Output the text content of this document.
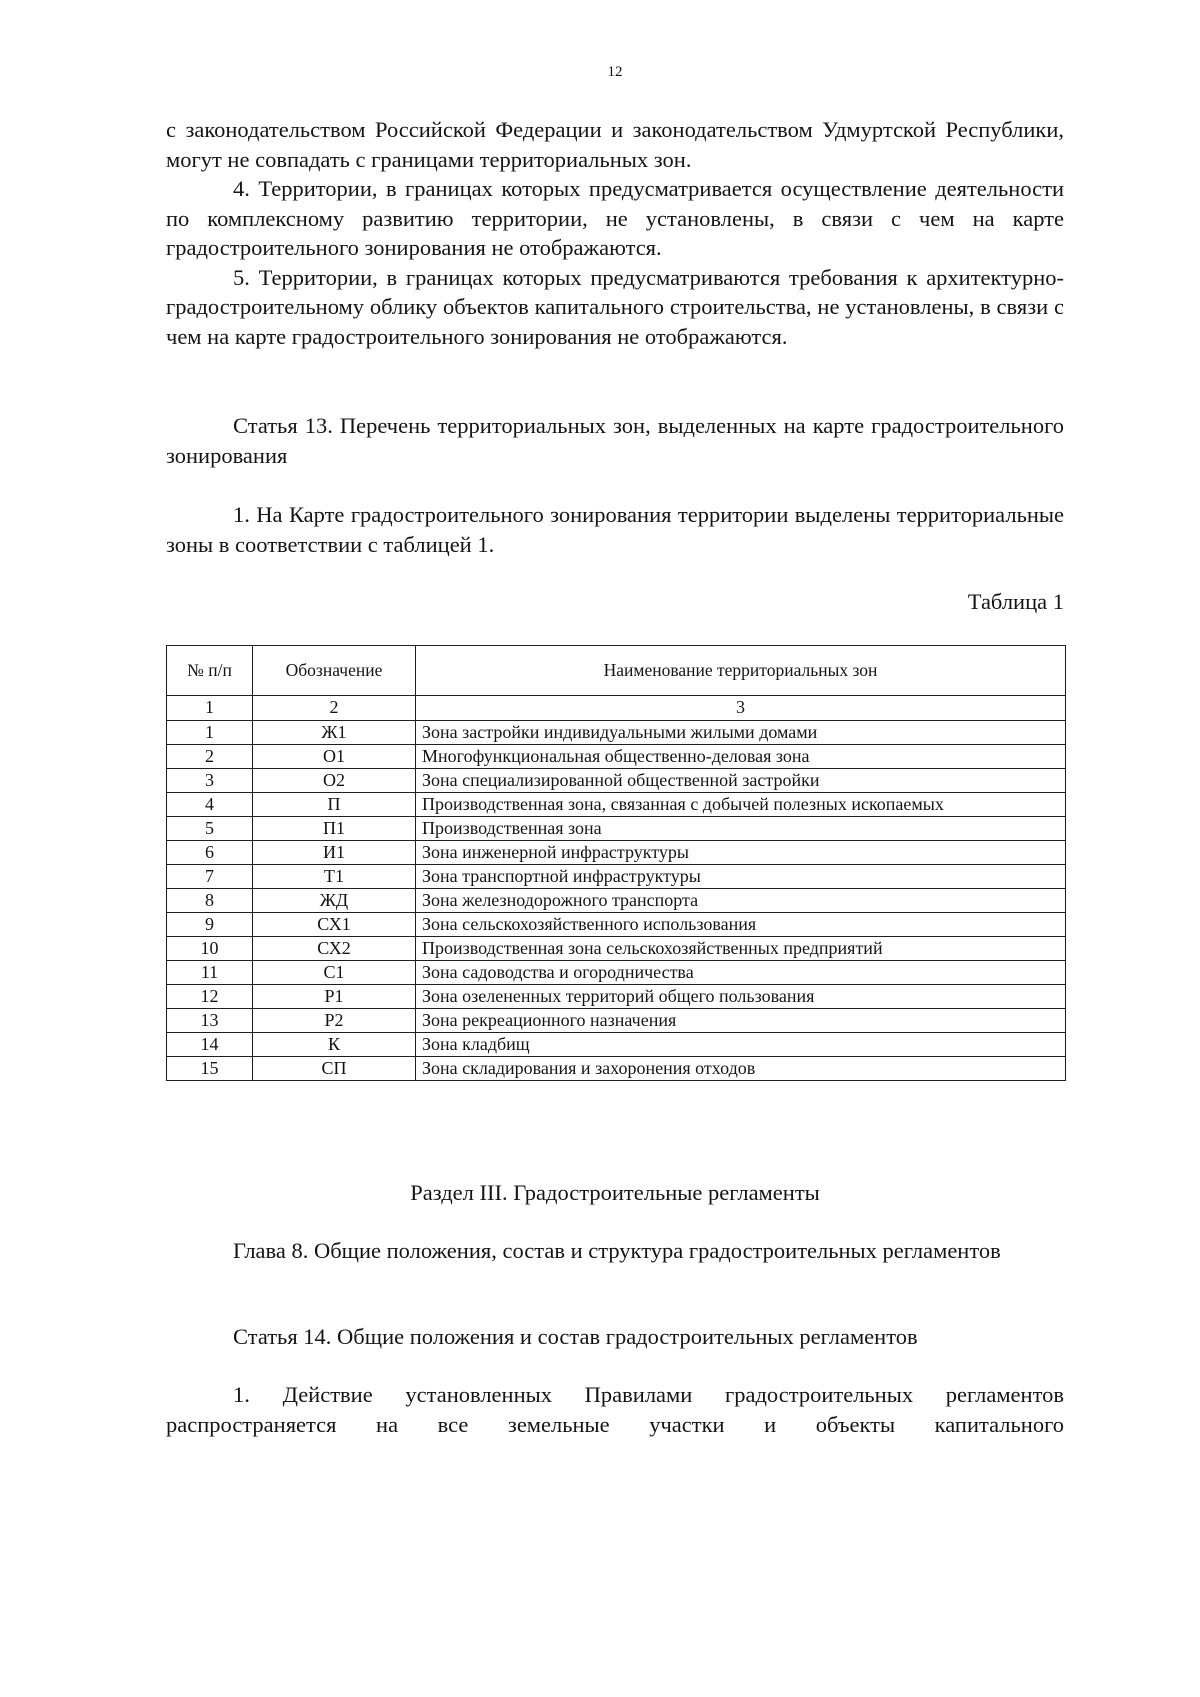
12

с законодательством Российской Федерации и законодательством Удмуртской Республики, могут не совпадать с границами территориальных зон.

4. Территории, в границах которых предусматривается осуществление деятельности по комплексному развитию территории, не установлены, в связи с чем на карте градостроительного зонирования не отображаются.

5. Территории, в границах которых предусматриваются требования к архитектурно-градостроительному облику объектов капитального строительства, не установлены, в связи с чем на карте градостроительного зонирования не отображаются.

Статья 13. Перечень территориальных зон, выделенных на карте градостроительного зонирования

1. На Карте градостроительного зонирования территории выделены территориальные зоны в соответствии с таблицей 1.

Таблица 1

№ п/п	Обозначение	Наименование территориальных зон
1	2	3
1	Ж1	Зона застройки индивидуальными жилыми домами
2	О1	Многофункциональная общественно-деловая зона
3	О2	Зона специализированной общественной застройки
4	П	Производственная зона, связанная с добычей полезных ископаемых

5	П1	Производственная зона
6	И1	Зона инженерной инфраструктуры
7	Т1	Зона транспортной инфраструктуры
8	ЖД	Зона железнодорожного транспорта
9	СХ1	Зона сельскохозяйственного использования
10	СХ2	Производственная зона сельскохозяйственных предприятий
11	С1	Зона садоводства и огородничества
12	Р1	Зона озелененных территорий общего пользования
13	Р2	Зона рекреационного назначения
14	К	Зона кладбищ
15	СП	Зона складирования и захоронения отходов

Раздел III. Градостроительные регламенты

Глава 8. Общие положения, состав и структура градостроительных регламентов

Статья 14. Общие положения и состав градостроительных регламентов

1. Действие установленных Правилами градостроительных регламентов распространяется на все земельные участки и объекты капитального
